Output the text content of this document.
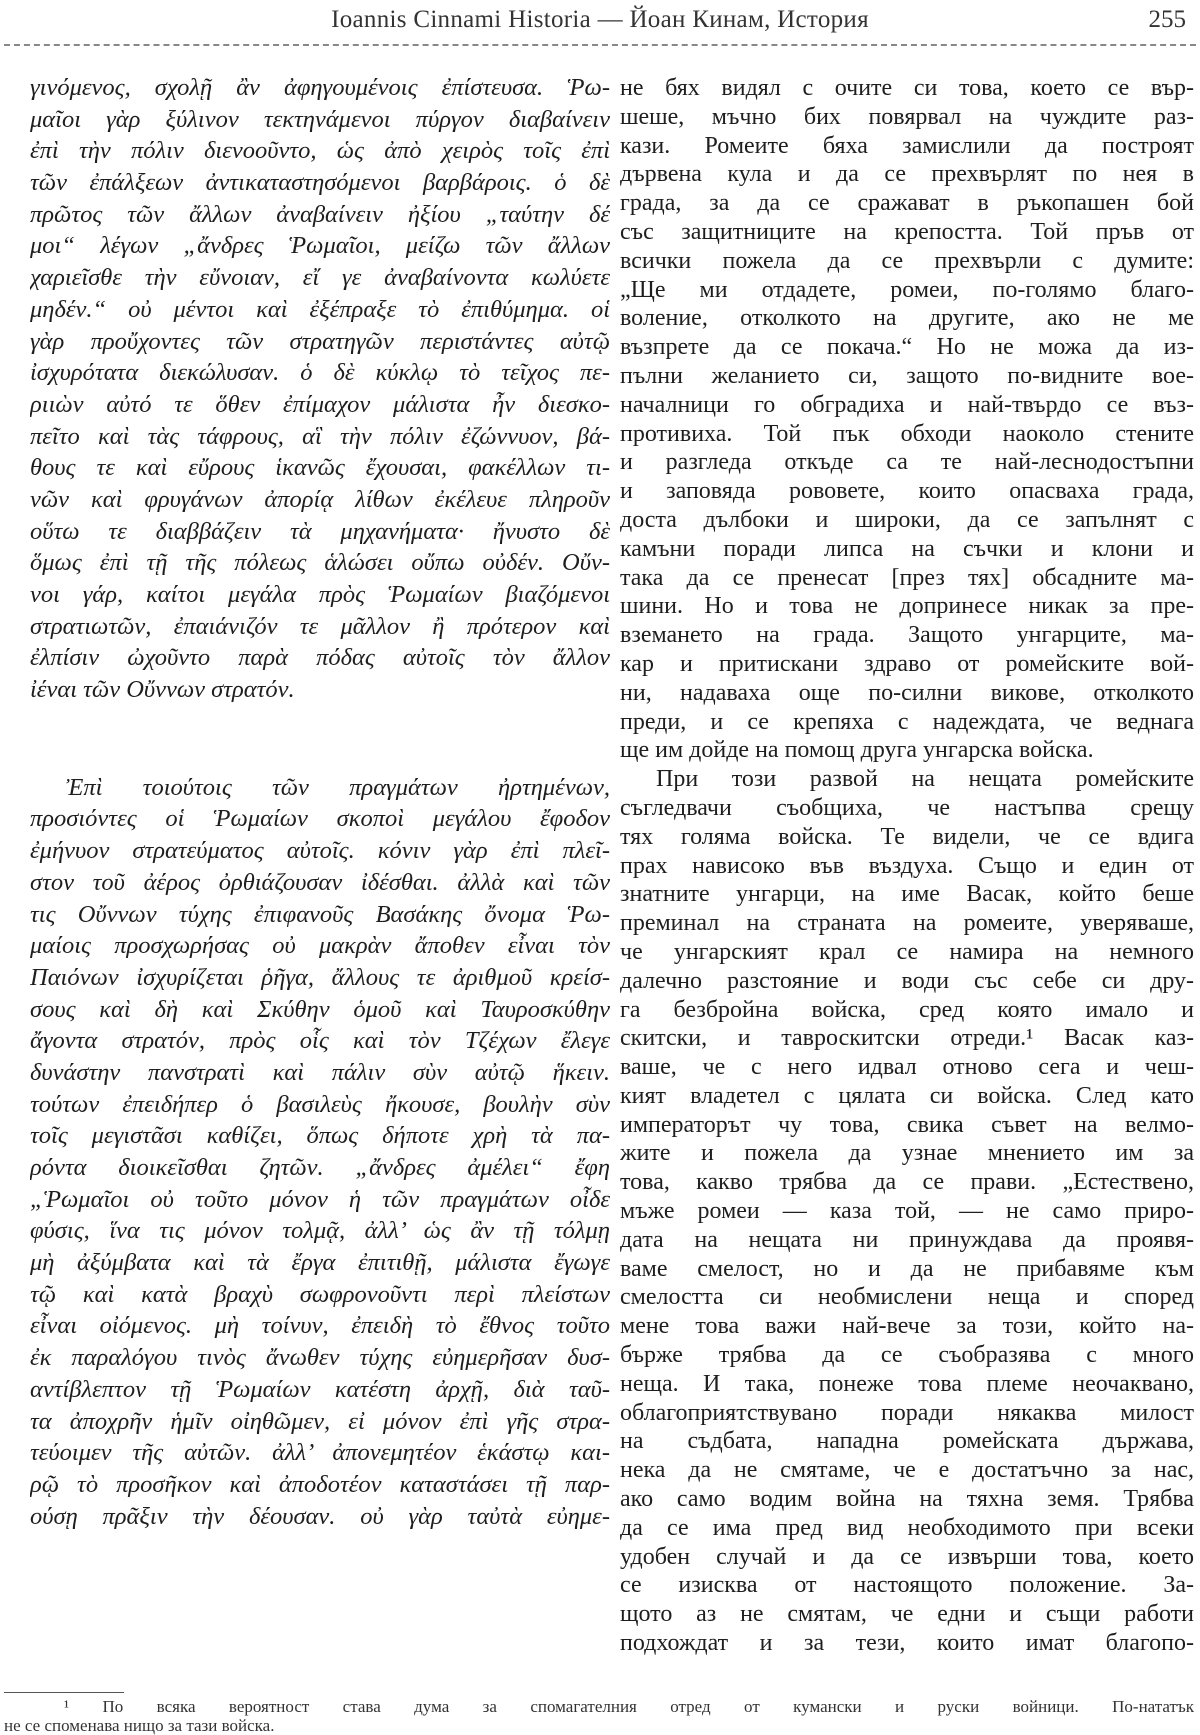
Ioannis Cinnami Historia — Йоан Кинам, История	255
γινόμενος, σχολῇ ἂν ἀφηγουμένοις ἐπίστευσα. Ῥω-
μαῖοι γὰρ ξύλινον τεκτηνάμενοι πύργον διαβαίνειν
ἐπὶ τὴν πόλιν διενοοῦντο, ὡς ἀπὸ χειρὸς τοῖς ἐπὶ
τῶν ἐπάλξεων ἀντικαταστησόμενοι βαρβάροις. ὁ δὲ
πρῶτος τῶν ἄλλων ἀναβαίνειν ἠξίου „ταύτην δέ
μοι“ λέγων „ἄνδρες Ῥωμαῖοι, μείζω τῶν ἄλλων
χαριεῖσθε τὴν εὔνοιαν, εἴ γε ἀναβαίνοντα κωλύετε
μηδέν.“ οὐ μέντοι καὶ ἐξέπραξε τὸ ἐπιθύμημα. οἱ
γὰρ προὔχοντες τῶν στρατηγῶν περιστάντες αὐτῷ
ἰσχυρότατα διεκώλυσαν. ὁ δὲ κύκλῳ τὸ τεῖχος πε-
ριιὼν αὐτό τε ὅθεν ἐπίμαχον μάλιστα ἦν διεσκο-
πεῖτο καὶ τὰς τάφρους, αἳ τὴν πόλιν ἐζώννυον, βά-
θους τε καὶ εὔρους ἱκανῶς ἔχουσαι, φακέλλων τι-
νῶν καὶ φρυγάνων ἀπορίᾳ λίθων ἐκέλευε πληροῦν
οὕτω τε διαββάζειν τὰ μηχανήματα· ἤνυστο δὲ
ὅμως ἐπὶ τῇ τῆς πόλεως ἁλώσει οὔπω οὐδέν. Οὔν-
νοι γάρ, καίτοι μεγάλα πρὸς Ῥωμαίων βιαζόμενοι
στρατιωτῶν, ἐπαιάνιζόν τε μᾶλλον ἢ πρότερον καὶ
ἐλπίσιν ὠχοῦντο παρὰ πόδας αὐτοῖς τὸν ἄλλον
ἰέναι τῶν Οὔννων στρατόν.
Ἐπὶ τοιούτοις τῶν πραγμάτων ἠρτημένων,
προσιόντες οἱ Ῥωμαίων σκοποὶ μεγάλου ἔφοδον
ἐμήνυον στρατεύματος αὐτοῖς. κόνιν γὰρ ἐπὶ πλεῖ-
στον τοῦ ἀέρος ὀρθιάζουσαν ἰδέσθαι. ἀλλὰ καὶ τῶν
τις Οὔννων τύχης ἐπιφανοῦς Βασάκης ὄνομα Ῥω-
μαίοις προσχωρήσας οὐ μακρὰν ἄποθεν εἶναι τὸν
Παιόνων ἰσχυρίζεται ῥῆγα, ἄλλους τε ἀριθμοῦ κρείσ-
σους καὶ δὴ καὶ Σκύθην ὁμοῦ καὶ Ταυροσκύθην
ἄγοντα στρατόν, πρὸς οἷς καὶ τὸν Τζέχων ἔλεγε
δυνάστην πανστρατὶ καὶ πάλιν σὺν αὐτῷ ἥκειν.
τούτων ἐπειδήπερ ὁ βασιλεὺς ἤκουσε, βουλὴν σὺν
τοῖς μεγιστᾶσι καθίζει, ὅπως δήποτε χρὴ τὰ πα-
ρόντα διοικεῖσθαι ζητῶν. „ἄνδρες ἀμέλει“ ἔφη
„Ῥωμαῖοι οὐ τοῦτο μόνον ἡ τῶν πραγμάτων οἶδε
φύσις, ἵνα τις μόνον τολμᾷ, ἀλλ’ ὡς ἂν τῇ τόλμῃ
μὴ ἀξύμβατα καὶ τὰ ἔργα ἐπιτιθῇ, μάλιστα ἔγωγε
τῷ καὶ κατὰ βραχὺ σωφρονοῦντι περὶ πλείστων
εἶναι οἰόμενος. μὴ τοίνυν, ἐπειδὴ τὸ ἔθνος τοῦτο
ἐκ παραλόγου τινὸς ἄνωθεν τύχης εὐημερῆσαν δυσ-
αντίβλεπτον τῇ Ῥωμαίων κατέστη ἀρχῇ, διὰ ταῦ-
τα ἀποχρῆν ἡμῖν οἰηθῶμεν, εἰ μόνον ἐπὶ γῆς στρα-
τεύοιμεν τῆς αὐτῶν. ἀλλ’ ἀπονεμητέον ἑκάστῳ και-
ρῷ τὸ προσῆκον καὶ ἀποδοτέον καταστάσει τῇ παρ-
ούσῃ πρᾶξιν τὴν δέουσαν. οὐ γὰρ ταὐτὰ εὐημε-
не бях видял с очите си това, което се вър-
шеше, мъчно бих повярвал на чуждите раз-
кази. Ромеите бяха замислили да построят
дървена кула и да се прехвърлят по нея в
града, за да се сражават в ръкопашен бой
със защитниците на крепостта. Той пръв от
всички пожела да се прехвърли с думите:
„Ще ми отдадете, ромеи, по-голямо благо-
воление, отколкото на другите, ако не ме
възпрете да се покача.“ Но не можа да из-
пълни желанието си, защото по-видните вое-
началници го обградиха и най-твърдо се въз-
противиха. Той пък обходи наоколо стените
и разгледа откъде са те най-леснодостъпни
и заповяда рововете, които опасваха града,
доста дълбоки и широки, да се запълнят с
камъни поради липса на съчки и клони и
така да се пренесат [през тях] обсадните ма-
шини. Но и това не допринесе никак за пре-
вземането на града. Защото унгарците, ма-
кар и притискани здраво от ромейските вой-
ни, надаваха още по-силни викове, отколкото
преди, и се крепяха с надеждата, че веднага
ще им дойде на помощ друга унгарска войска.
При този развой на нещата ромейските
съгледвачи съобщиха, че настъпва срещу
тях голяма войска. Те видели, че се вдига
прах нависоко във въздуха. Също и един от
знатните унгарци, на име Васак, който беше
преминал на страната на ромеите, уверяваше,
че унгарският крал се намира на немного
далечно разстояние и води със себе си дру-
га безбройна войска, сред която имало и
скитски, и тавроскитски отреди.¹ Васак каз-
ваше, че с него идвал отново сега и чеш-
кият владетел с цялата си войска. След като
императорът чу това, свика съвет на велмо-
жите и пожела да узнае мнението им за
това, какво трябва да се прави. „Естествено,
мъже ромеи — каза той, — не само приро-
дата на нещата ни принуждава да проявя-
ваме смелост, но и да не прибавяме към
смелостта си необмислени неща и според
мене това важи най-вече за този, който на-
бърже трябва да се съобразява с много
неща. И така, понеже това племе неочаквано,
облагоприятствувано поради някаква милост
на съдбата, нападна ромейската държава,
нека да не смятаме, че е достатъчно за нас,
ако само водим война на тяхна земя. Трябва
да се има пред вид необходимото при всеки
удобен случай и да се извърши това, което
се изисква от настоящото положение. За-
щото аз не смятам, че едни и същи работи
подхождат и за тези, които имат благопо-
¹ По всяка вероятност става дума за спомагателния отред от кумански и руски войници. По-нататък
не се споменава нищо за тази войска.
